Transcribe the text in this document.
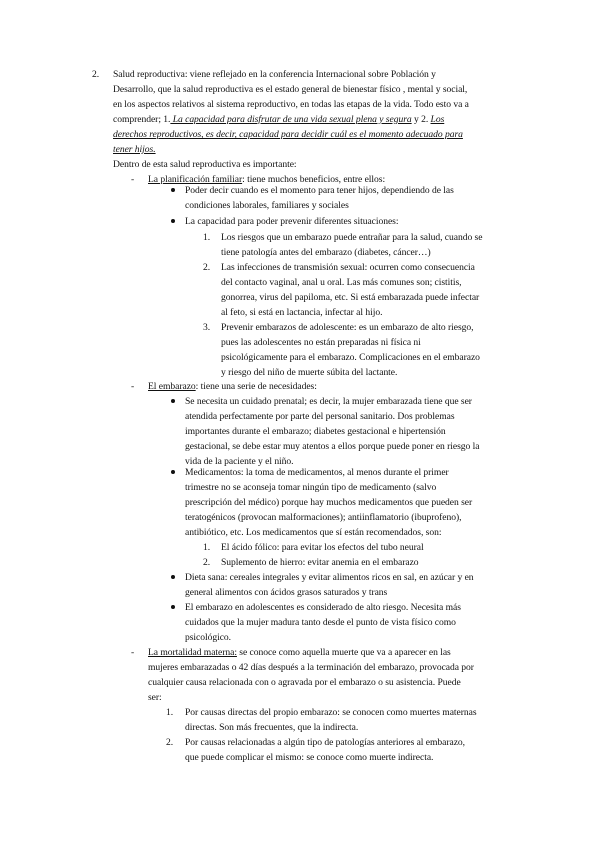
2. Salud reproductiva: viene reflejado en la conferencia Internacional sobre Población y
Desarrollo, que la salud reproductiva es el estado general de bienestar físico , mental y social,
en los aspectos relativos al sistema reproductivo, en todas las etapas de la vida. Todo esto va a
comprender; 1. La capacidad para disfrutar de una vida sexual plena y segura y 2. Los
derechos reproductivos, es decir, capacidad para decidir cuál es el momento adecuado para
tener hijos.
Dentro de esta salud reproductiva es importante:
- La planificación familiar: tiene muchos beneficios, entre ellos:
Poder decir cuando es el momento para tener hijos, dependiendo de las
condiciones laborales, familiares y sociales
La capacidad para poder prevenir diferentes situaciones:
1. Los riesgos que un embarazo puede entrañar para la salud, cuando se
tiene patología antes del embarazo (diabetes, cáncer…)
2. Las infecciones de transmisión sexual: ocurren como consecuencia
del contacto vaginal, anal u oral. Las más comunes son; cistitis,
gonorrea, virus del papiloma, etc. Si está embarazada puede infectar
al feto, si está en lactancia, infectar al hijo.
3. Prevenir embarazos de adolescente: es un embarazo de alto riesgo,
pues las adolescentes no están preparadas ni física ni
psicológicamente para el embarazo. Complicaciones en el embarazo
y riesgo del niño de muerte súbita del lactante.
- El embarazo: tiene una serie de necesidades:
Se necesita un cuidado prenatal; es decir, la mujer embarazada tiene que ser
atendida perfectamente por parte del personal sanitario. Dos problemas
importantes durante el embarazo; diabetes gestacional e hipertensión
gestacional, se debe estar muy atentos a ellos porque puede poner en riesgo la
vida de la paciente y el niño.
Medicamentos: la toma de medicamentos, al menos durante el primer
trimestre no se aconseja tomar ningún tipo de medicamento (salvo
prescripción del médico) porque hay muchos medicamentos que pueden ser
teratogénicos (provocan malformaciones); antiinflamatorio (ibuprofeno),
antibiótico, etc. Los medicamentos que sí están recomendados, son:
1. El ácido fólico: para evitar los efectos del tubo neural
2. Suplemento de hierro: evitar anemia en el embarazo
Dieta sana: cereales integrales y evitar alimentos ricos en sal, en azúcar y en
general alimentos con ácidos grasos saturados y trans
El embarazo en adolescentes es considerado de alto riesgo. Necesita más
cuidados que la mujer madura tanto desde el punto de vista físico como
psicológico.
- La mortalidad materna: se conoce como aquella muerte que va a aparecer en las
mujeres embarazadas o 42 días después a la terminación del embarazo, provocada por
cualquier causa relacionada con o agravada por el embarazo o su asistencia. Puede
ser:
1. Por causas directas del propio embarazo: se conocen como muertes maternas
directas. Son más frecuentes, que la indirecta.
2. Por causas relacionadas a algún tipo de patologías anteriores al embarazo,
que puede complicar el mismo: se conoce como muerte indirecta.
